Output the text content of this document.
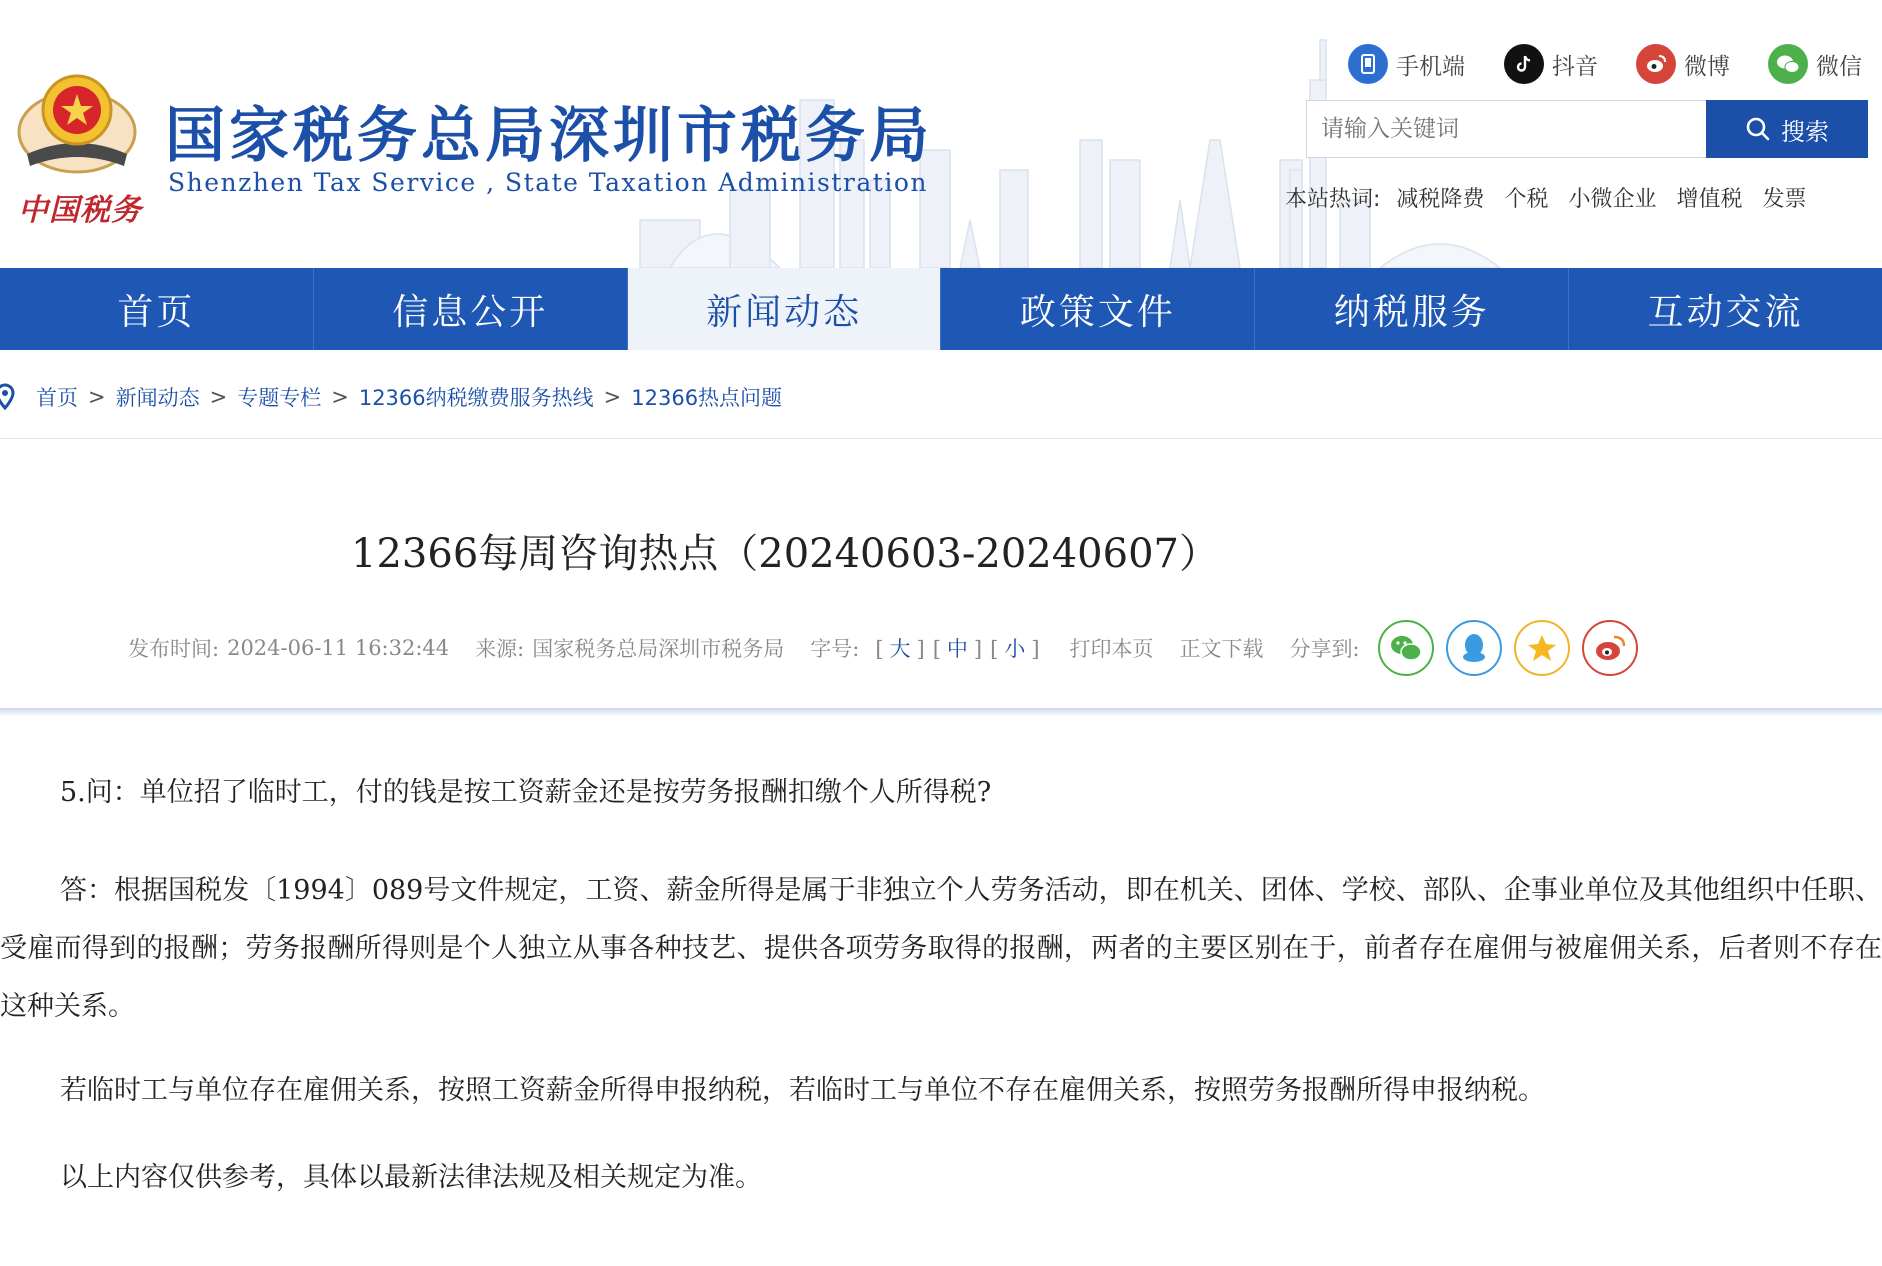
中国税务
国家税务总局深圳市税务局
Shenzhen Tax Service , State Taxation Administration
手机端	抖音	微博	微信
请输入关键词
搜索
本站热词: 减税降费 个税 小微企业 增值税 发票
首页	信息公开	新闻动态	政策文件	纳税服务	互动交流
首页 > 新闻动态 > 专题专栏 > 12366纳税缴费服务热线 > 12366热点问题
12366每周咨询热点（20240603-20240607）
发布时间: 2024-06-11 16:32:44 来源: 国家税务总局深圳市税务局 字号: [ 大 ] [ 中 ] [ 小 ] 打印本页 正文下载 分享到:
5.问：单位招了临时工，付的钱是按工资薪金还是按劳务报酬扣缴个人所得税?
答：根据国税发〔1994〕089号文件规定，工资、薪金所得是属于非独立个人劳务活动，即在机关、团体、学校、部队、企事业单位及其他组织中任职、受雇而得到的报酬；劳务报酬所得则是个人独立从事各种技艺、提供各项劳务取得的报酬，两者的主要区别在于，前者存在雇佣与被雇佣关系，后者则不存在这种关系。
若临时工与单位存在雇佣关系，按照工资薪金所得申报纳税，若临时工与单位不存在雇佣关系，按照劳务报酬所得申报纳税。
以上内容仅供参考，具体以最新法律法规及相关规定为准。
